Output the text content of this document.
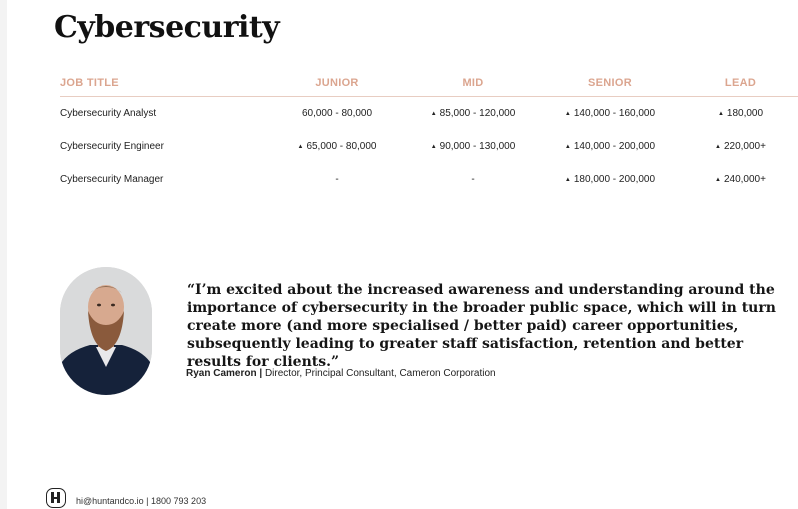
Cybersecurity
JOB TITLE	JUNIOR	MID	SENIOR	LEAD
Cybersecurity Analyst	60,000 - 80,000	▲ 85,000 - 120,000	▲ 140,000 - 160,000	▲ 180,000
Cybersecurity Engineer	▲ 65,000 - 80,000	▲ 90,000 - 130,000	▲ 140,000 - 200,000	▲ 220,000+
Cybersecurity Manager	-	-	▲ 180,000 - 200,000	▲ 240,000+

“I’m excited about the increased awareness and understanding around the importance of cybersecurity in the broader public space, which will in turn create more (and more specialised / better paid) career opportunities, subsequently leading to greater staff satisfaction, retention and better results for clients.”

Ryan Cameron | Director, Principal Consultant, Cameron Corporation
hi@huntandco.io | 1800 793 203
